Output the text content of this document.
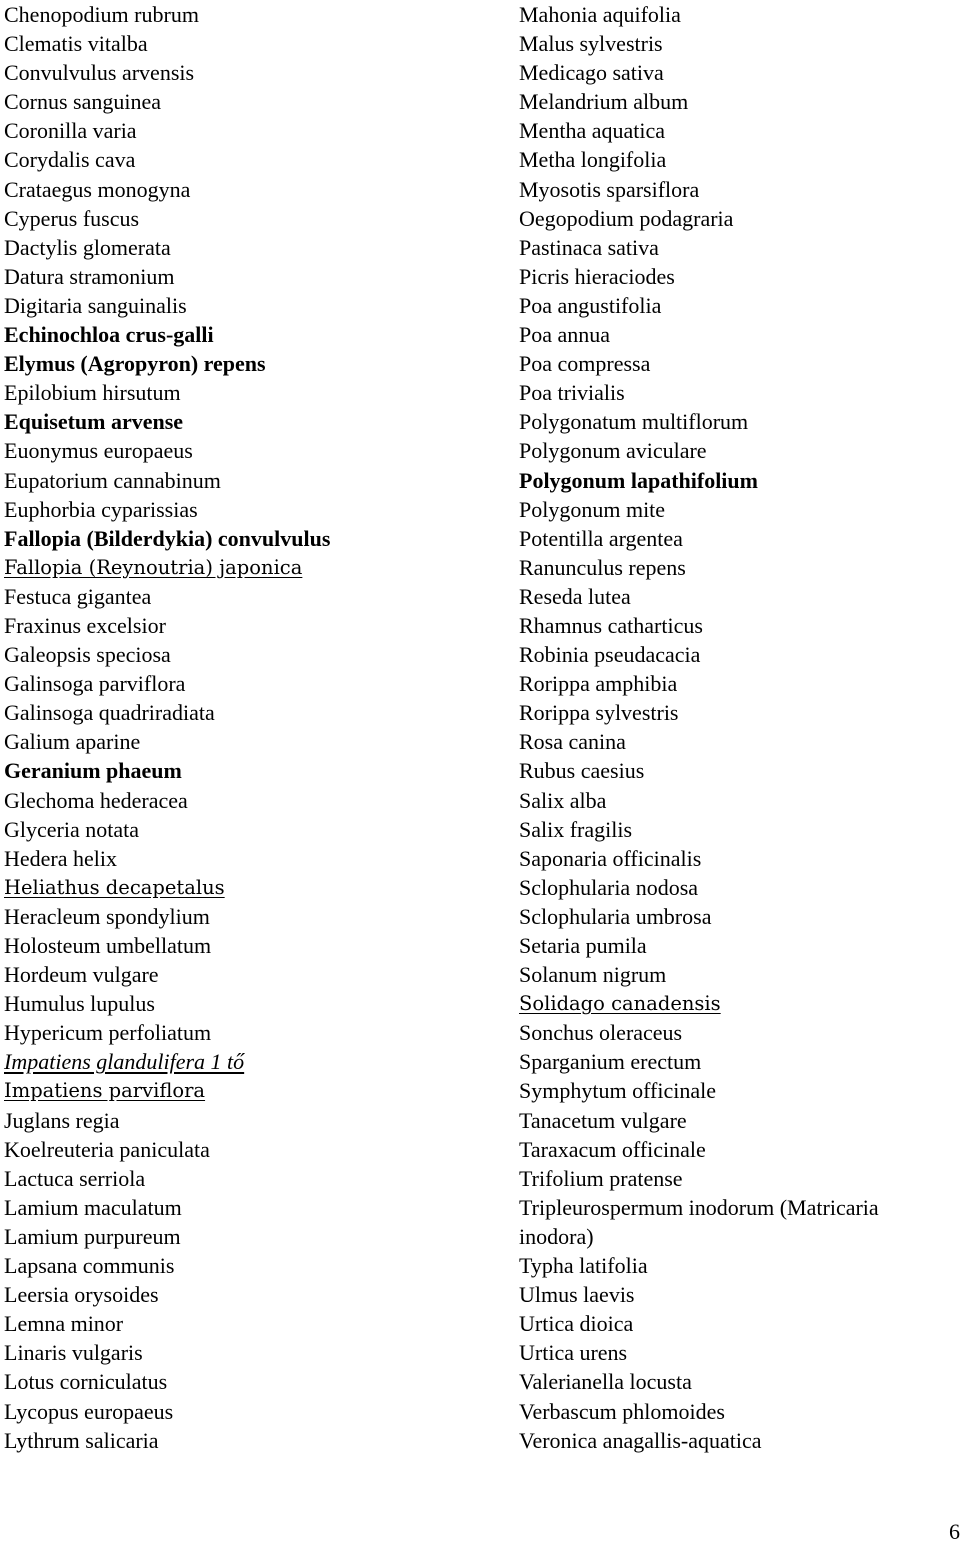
Chenopodium rubrum
Clematis vitalba
Convulvulus arvensis
Cornus sanguinea
Coronilla varia
Corydalis cava
Crataegus monogyna
Cyperus fuscus
Dactylis glomerata
Datura stramonium
Digitaria sanguinalis
Echinochloa crus-galli
Elymus (Agropyron) repens
Epilobium hirsutum
Equisetum arvense
Euonymus europaeus
Eupatorium cannabinum
Euphorbia cyparissias
Fallopia (Bilderdykia) convulvulus
Fallopia (Reynoutria) japonica
Festuca gigantea
Fraxinus excelsior
Galeopsis speciosa
Galinsoga parviflora
Galinsoga quadriradiata
Galium aparine
Geranium phaeum
Glechoma hederacea
Glyceria notata
Hedera helix
Heliathus decapetalus
Heracleum spondylium
Holosteum umbellatum
Hordeum vulgare
Humulus lupulus
Hypericum perfoliatum
Impatiens glandulifera 1 tő
Impatiens parviflora
Juglans regia
Koelreuteria paniculata
Lactuca serriola
Lamium maculatum
Lamium purpureum
Lapsana communis
Leersia orysoides
Lemna minor
Linaris vulgaris
Lotus corniculatus
Lycopus europaeus
Lythrum salicaria
Mahonia aquifolia
Malus sylvestris
Medicago sativa
Melandrium album
Mentha aquatica
Metha longifolia
Myosotis sparsiflora
Oegopodium podagraria
Pastinaca sativa
Picris hieraciodes
Poa angustifolia
Poa annua
Poa compressa
Poa trivialis
Polygonatum multiflorum
Polygonum aviculare
Polygonum lapathifolium
Polygonum mite
Potentilla argentea
Ranunculus repens
Reseda lutea
Rhamnus catharticus
Robinia pseudacacia
Rorippa amphibia
Rorippa sylvestris
Rosa canina
Rubus caesius
Salix alba
Salix fragilis
Saponaria officinalis
Sclophularia nodosa
Sclophularia umbrosa
Setaria pumila
Solanum nigrum
Solidago canadensis
Sonchus oleraceus
Sparganium erectum
Symphytum officinale
Tanacetum vulgare
Taraxacum officinale
Trifolium pratense
Tripleurospermum inodorum (Matricaria inodora)
Typha latifolia
Ulmus laevis
Urtica dioica
Urtica urens
Valerianella locusta
Verbascum phlomoides
Veronica anagallis-aquatica
6
